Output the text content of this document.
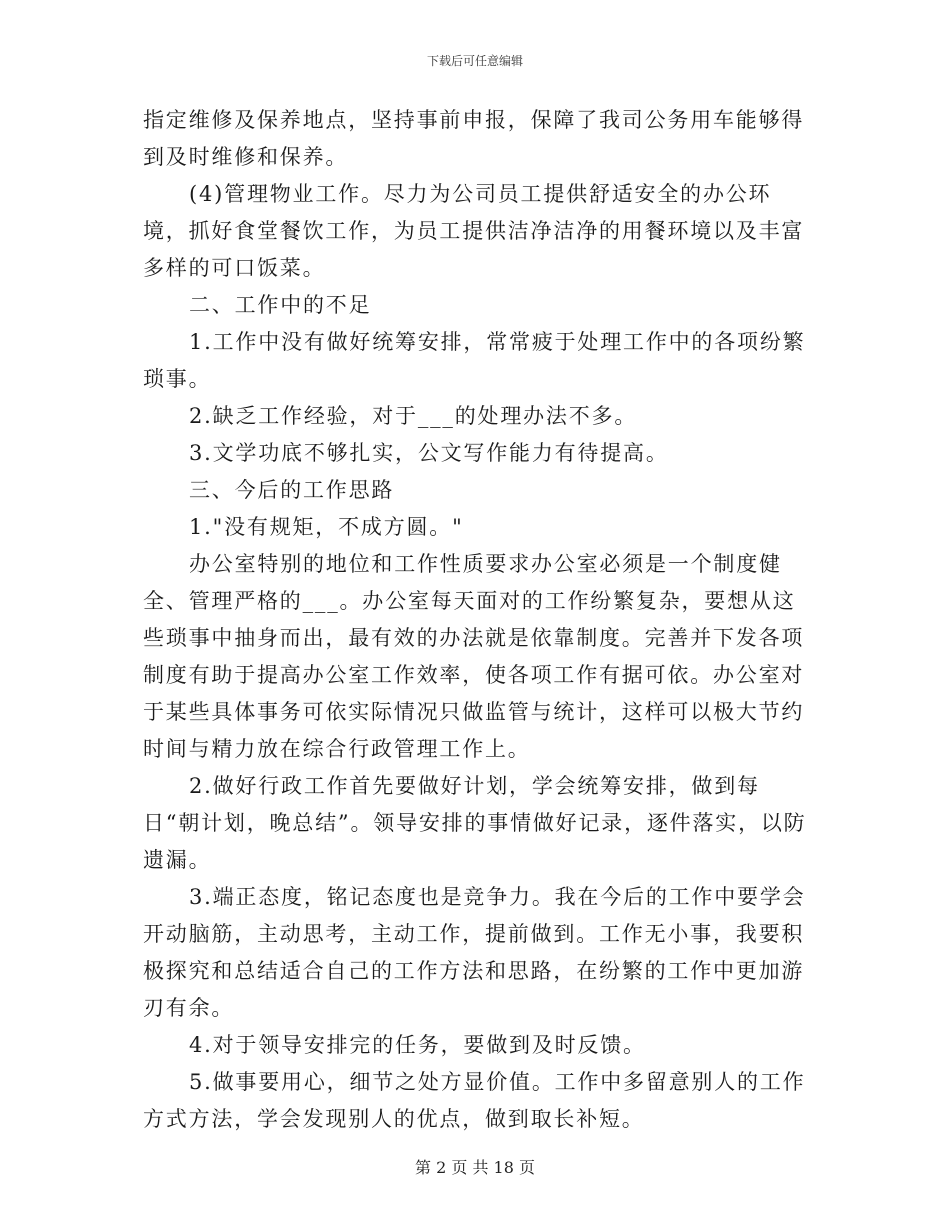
下载后可任意编辑

指定维修及保养地点，坚持事前申报，保障了我司公务用车能够得到及时维修和保养。

(4)管理物业工作。尽力为公司员工提供舒适安全的办公环境，抓好食堂餐饮工作，为员工提供洁净洁净的用餐环境以及丰富多样的可口饭菜。

二、工作中的不足

1.工作中没有做好统筹安排，常常疲于处理工作中的各项纷繁琐事。

2.缺乏工作经验，对于___的处理办法不多。

3.文学功底不够扎实，公文写作能力有待提高。

三、今后的工作思路

1."没有规矩，不成方圆。"

办公室特别的地位和工作性质要求办公室必须是一个制度健全、管理严格的___。办公室每天面对的工作纷繁复杂，要想从这些琐事中抽身而出，最有效的办法就是依靠制度。完善并下发各项制度有助于提高办公室工作效率，使各项工作有据可依。办公室对于某些具体事务可依实际情况只做监管与统计，这样可以极大节约时间与精力放在综合行政管理工作上。

2.做好行政工作首先要做好计划，学会统筹安排，做到每日“朝计划，晚总结”。领导安排的事情做好记录，逐件落实，以防遗漏。

3.端正态度，铭记态度也是竞争力。我在今后的工作中要学会开动脑筋，主动思考，主动工作，提前做到。工作无小事，我要积极探究和总结适合自己的工作方法和思路，在纷繁的工作中更加游刃有余。

4.对于领导安排完的任务，要做到及时反馈。

5.做事要用心，细节之处方显价值。工作中多留意别人的工作方式方法，学会发现别人的优点，做到取长补短。

第 2 页 共 18 页
